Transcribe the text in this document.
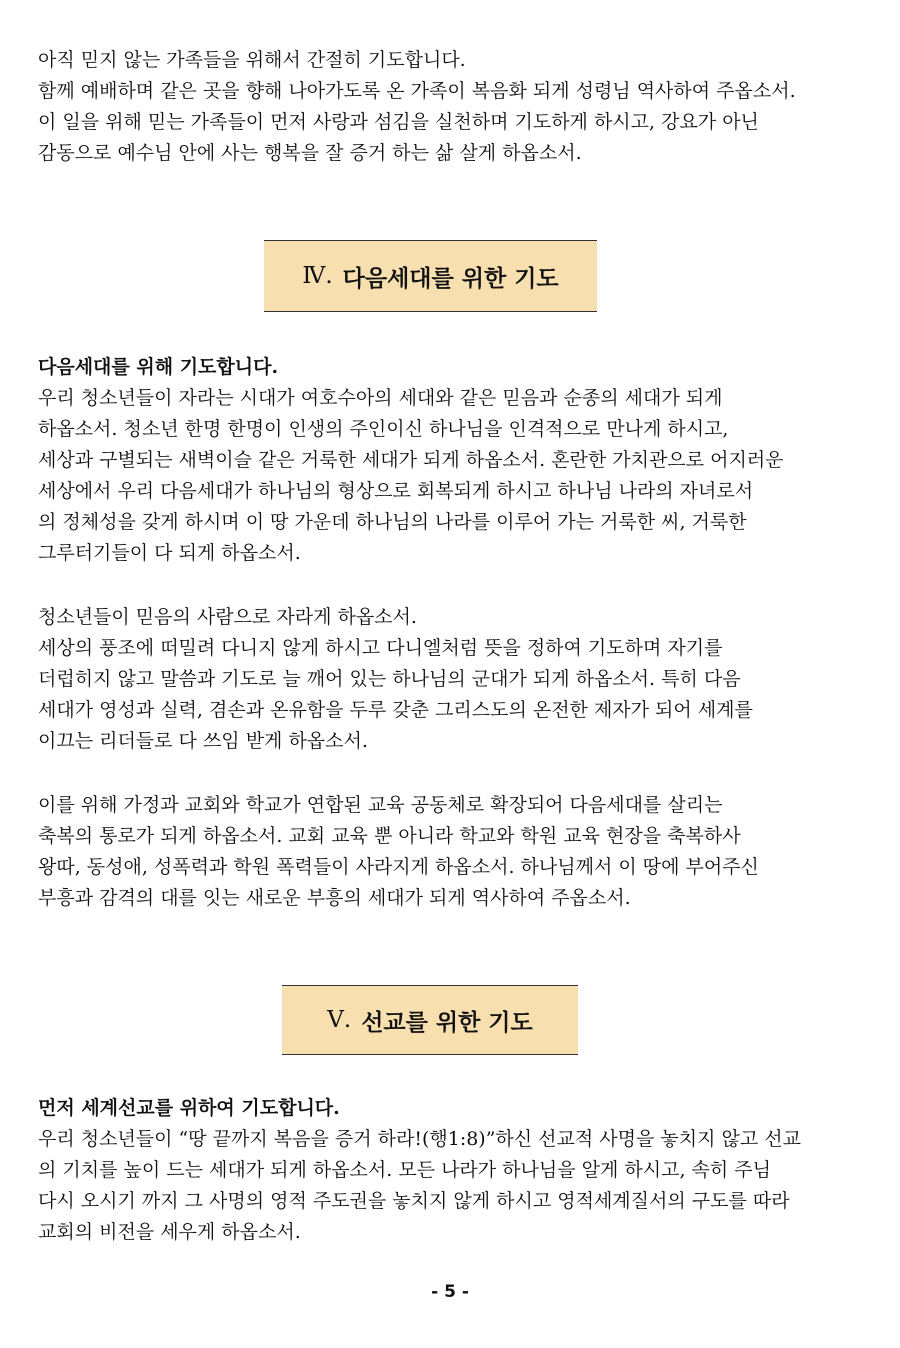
아직 믿지 않는 가족들을 위해서 간절히 기도합니다.
함께 예배하며 같은 곳을 향해 나아가도록 온 가족이 복음화 되게 성령님 역사하여 주옵소서.
이 일을 위해 믿는 가족들이 먼저 사랑과 섬김을 실천하며 기도하게 하시고, 강요가 아닌
감동으로 예수님 안에 사는 행복을 잘 증거 하는 삶 살게 하옵소서.
Ⅳ.
다음세대를 위한 기도
다음세대를 위해 기도합니다.
우리 청소년들이 자라는 시대가 여호수아의 세대와 같은 믿음과 순종의 세대가 되게
하옵소서. 청소년 한명 한명이 인생의 주인이신 하나님을 인격적으로 만나게 하시고,
세상과 구별되는 새벽이슬 같은 거룩한 세대가 되게 하옵소서. 혼란한 가치관으로 어지러운
세상에서 우리 다음세대가 하나님의 형상으로 회복되게 하시고 하나님 나라의 자녀로서
의 정체성을 갖게 하시며 이 땅 가운데 하나님의 나라를 이루어 가는 거룩한 씨, 거룩한
그루터기들이 다 되게 하옵소서.
청소년들이 믿음의 사람으로 자라게 하옵소서.
세상의 풍조에 떠밀려 다니지 않게 하시고 다니엘처럼 뜻을 정하여 기도하며 자기를
더럽히지 않고 말씀과 기도로 늘 깨어 있는 하나님의 군대가 되게 하옵소서. 특히 다음
세대가 영성과 실력, 겸손과 온유함을 두루 갖춘 그리스도의 온전한 제자가 되어 세계를
이끄는 리더들로 다 쓰임 받게 하옵소서.
이를 위해 가정과 교회와 학교가 연합된 교육 공동체로 확장되어 다음세대를 살리는
축복의 통로가 되게 하옵소서. 교회 교육 뿐 아니라 학교와 학원 교육 현장을 축복하사
왕따, 동성애, 성폭력과 학원 폭력들이 사라지게 하옵소서. 하나님께서 이 땅에 부어주신
부흥과 감격의 대를 잇는 새로운 부흥의 세대가 되게 역사하여 주옵소서.
Ⅴ.
선교를 위한 기도
먼저 세계선교를 위하여 기도합니다.
우리 청소년들이 “땅 끝까지 복음을 증거 하라!(행1:8)”하신 선교적 사명을 놓치지 않고 선교
의 기치를 높이 드는 세대가 되게 하옵소서. 모든 나라가 하나님을 알게 하시고, 속히 주님
다시 오시기 까지 그 사명의 영적 주도권을 놓치지 않게 하시고 영적세계질서의 구도를 따라
교회의 비전을 세우게 하옵소서.
- 5 -
